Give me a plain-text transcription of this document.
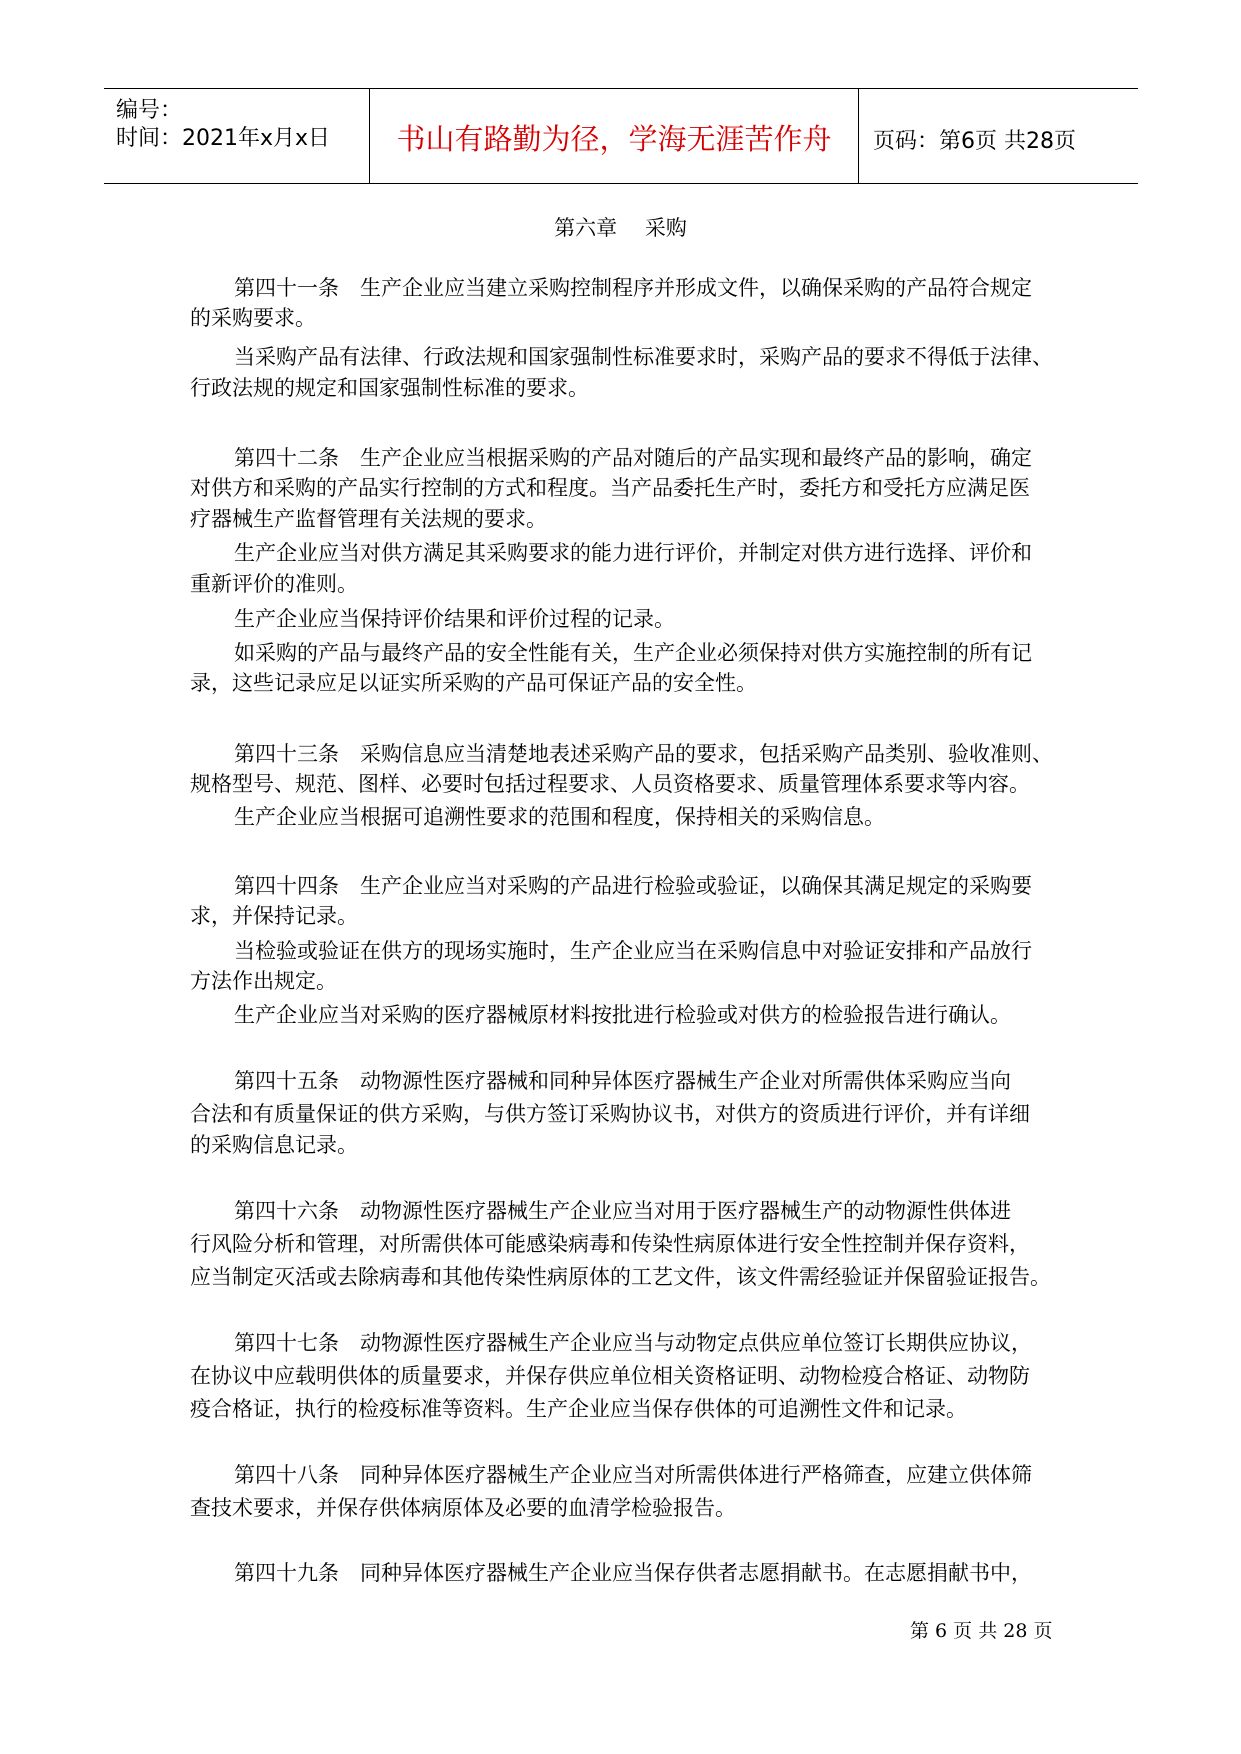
编号：
时间：2021年x月x日	书山有路勤为径，学海无涯苦作舟	页码：第6页 共28页
第六章　 采购
第四十一条　生产企业应当建立采购控制程序并形成文件，以确保采购的产品符合规定
的采购要求。
当采购产品有法律、行政法规和国家强制性标准要求时，采购产品的要求不得低于法律、
行政法规的规定和国家强制性标准的要求。
第四十二条　生产企业应当根据采购的产品对随后的产品实现和最终产品的影响，确定
对供方和采购的产品实行控制的方式和程度。当产品委托生产时，委托方和受托方应满足医
疗器械生产监督管理有关法规的要求。
生产企业应当对供方满足其采购要求的能力进行评价，并制定对供方进行选择、评价和
重新评价的准则。
生产企业应当保持评价结果和评价过程的记录。
如采购的产品与最终产品的安全性能有关，生产企业必须保持对供方实施控制的所有记
录，这些记录应足以证实所采购的产品可保证产品的安全性。
第四十三条　采购信息应当清楚地表述采购产品的要求，包括采购产品类别、验收准则、
规格型号、规范、图样、必要时包括过程要求、人员资格要求、质量管理体系要求等内容。
生产企业应当根据可追溯性要求的范围和程度，保持相关的采购信息。
第四十四条　生产企业应当对采购的产品进行检验或验证，以确保其满足规定的采购要
求，并保持记录。
当检验或验证在供方的现场实施时，生产企业应当在采购信息中对验证安排和产品放行
方法作出规定。
生产企业应当对采购的医疗器械原材料按批进行检验或对供方的检验报告进行确认。
第四十五条　动物源性医疗器械和同种异体医疗器械生产企业对所需供体采购应当向
合法和有质量保证的供方采购，与供方签订采购协议书，对供方的资质进行评价，并有详细
的采购信息记录。
第四十六条　动物源性医疗器械生产企业应当对用于医疗器械生产的动物源性供体进
行风险分析和管理，对所需供体可能感染病毒和传染性病原体进行安全性控制并保存资料，
应当制定灭活或去除病毒和其他传染性病原体的工艺文件，该文件需经验证并保留验证报告。
第四十七条　动物源性医疗器械生产企业应当与动物定点供应单位签订长期供应协议，
在协议中应载明供体的质量要求，并保存供应单位相关资格证明、动物检疫合格证、动物防
疫合格证，执行的检疫标准等资料。生产企业应当保存供体的可追溯性文件和记录。
第四十八条　同种异体医疗器械生产企业应当对所需供体进行严格筛查，应建立供体筛
查技术要求，并保存供体病原体及必要的血清学检验报告。
第四十九条　同种异体医疗器械生产企业应当保存供者志愿捐献书。在志愿捐献书中，
第 6 页 共 28 页
